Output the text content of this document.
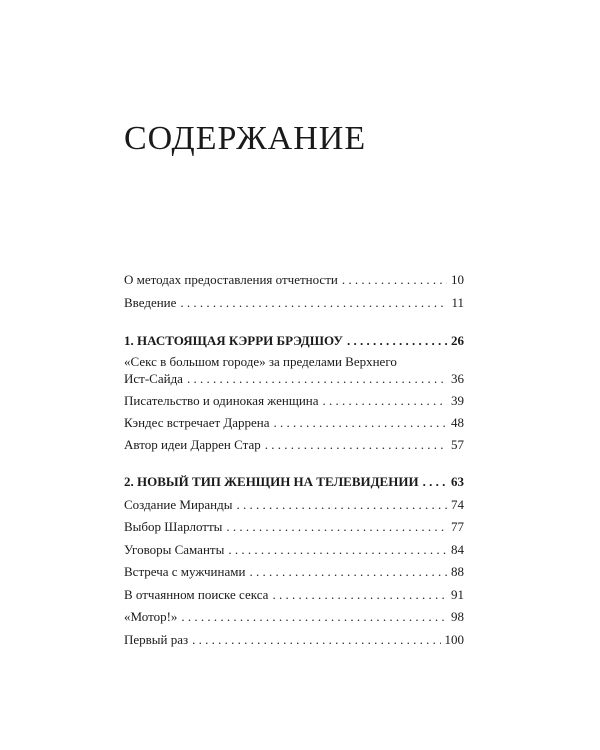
СОДЕРЖАНИЕ
О методах предоставления отчетности . . .	10
Введение . . .	11
1. НАСТОЯЩАЯ КЭРРИ БРЭДШОУ . . .	26
«Секс в большом городе» за пределами Верхнего
Ист-Сайда . . .	36
Писательство и одинокая женщина . . .	39
Кэндес встречает Даррена . . .	48
Автор идеи Даррен Стар . . .	57
2. НОВЫЙ ТИП ЖЕНЩИН НА ТЕЛЕВИДЕНИИ . . . 63
Создание Миранды . . .	74
Выбор Шарлотты . . .	77
Уговоры Саманты . . .	84
Встреча с мужчинами . . .	88
В отчаянном поиске секса . . .	91
«Мотор!» . . .	98
Первый раз . . .	100
